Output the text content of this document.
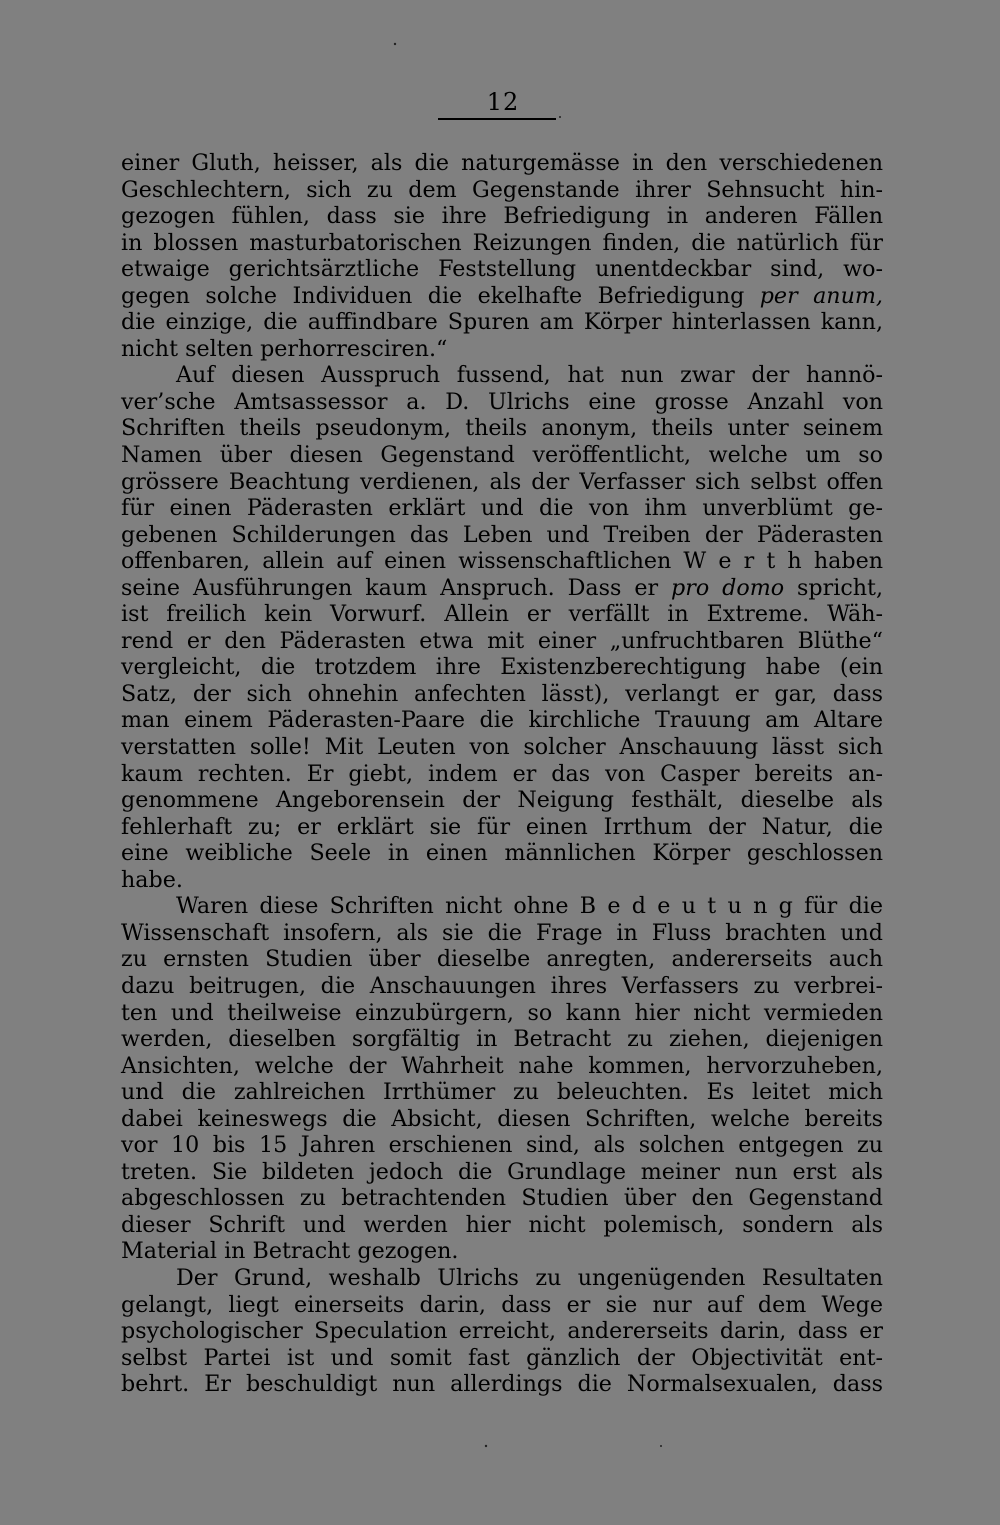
12
einer Gluth, heisser, als die naturgemässe in den verschiedenen
Geschlechtern, sich zu dem Gegenstande ihrer Sehnsucht hin-
gezogen fühlen, dass sie ihre Befriedigung in anderen Fällen
in blossen masturbatorischen Reizungen finden, die natürlich für
etwaige gerichtsärztliche Feststellung unentdeckbar sind, wo-
gegen solche Individuen die ekelhafte Befriedigung per anum,
die einzige, die auffindbare Spuren am Körper hinterlassen kann,
nicht selten perhorresciren.“
Auf diesen Ausspruch fussend, hat nun zwar der hannö-
ver’sche Amtsassessor a. D. Ulrichs eine grosse Anzahl von
Schriften theils pseudonym, theils anonym, theils unter seinem
Namen über diesen Gegenstand veröffentlicht, welche um so
grössere Beachtung verdienen, als der Verfasser sich selbst offen
für einen Päderasten erklärt und die von ihm unverblümt ge-
gebenen Schilderungen das Leben und Treiben der Päderasten
offenbaren, allein auf einen wissenschaftlichen W e r t h haben
seine Ausführungen kaum Anspruch. Dass er pro domo spricht,
ist freilich kein Vorwurf. Allein er verfällt in Extreme. Wäh-
rend er den Päderasten etwa mit einer „unfruchtbaren Blüthe“
vergleicht, die trotzdem ihre Existenzberechtigung habe (ein
Satz, der sich ohnehin anfechten lässt), verlangt er gar, dass
man einem Päderasten-Paare die kirchliche Trauung am Altare
verstatten solle! Mit Leuten von solcher Anschauung lässt sich
kaum rechten. Er giebt, indem er das von Casper bereits an-
genommene Angeborensein der Neigung festhält, dieselbe als
fehlerhaft zu; er erklärt sie für einen Irrthum der Natur, die
eine weibliche Seele in einen männlichen Körper geschlossen
habe.
Waren diese Schriften nicht ohne B e d e u t u n g für die
Wissenschaft insofern, als sie die Frage in Fluss brachten und
zu ernsten Studien über dieselbe anregten, andererseits auch
dazu beitrugen, die Anschauungen ihres Verfassers zu verbrei-
ten und theilweise einzubürgern, so kann hier nicht vermieden
werden, dieselben sorgfältig in Betracht zu ziehen, diejenigen
Ansichten, welche der Wahrheit nahe kommen, hervorzuheben,
und die zahlreichen Irrthümer zu beleuchten. Es leitet mich
dabei keineswegs die Absicht, diesen Schriften, welche bereits
vor 10 bis 15 Jahren erschienen sind, als solchen entgegen zu
treten. Sie bildeten jedoch die Grundlage meiner nun erst als
abgeschlossen zu betrachtenden Studien über den Gegenstand
dieser Schrift und werden hier nicht polemisch, sondern als
Material in Betracht gezogen.
Der Grund, weshalb Ulrichs zu ungenügenden Resultaten
gelangt, liegt einerseits darin, dass er sie nur auf dem Wege
psychologischer Speculation erreicht, andererseits darin, dass er
selbst Partei ist und somit fast gänzlich der Objectivität ent-
behrt. Er beschuldigt nun allerdings die Normalsexualen, dass
